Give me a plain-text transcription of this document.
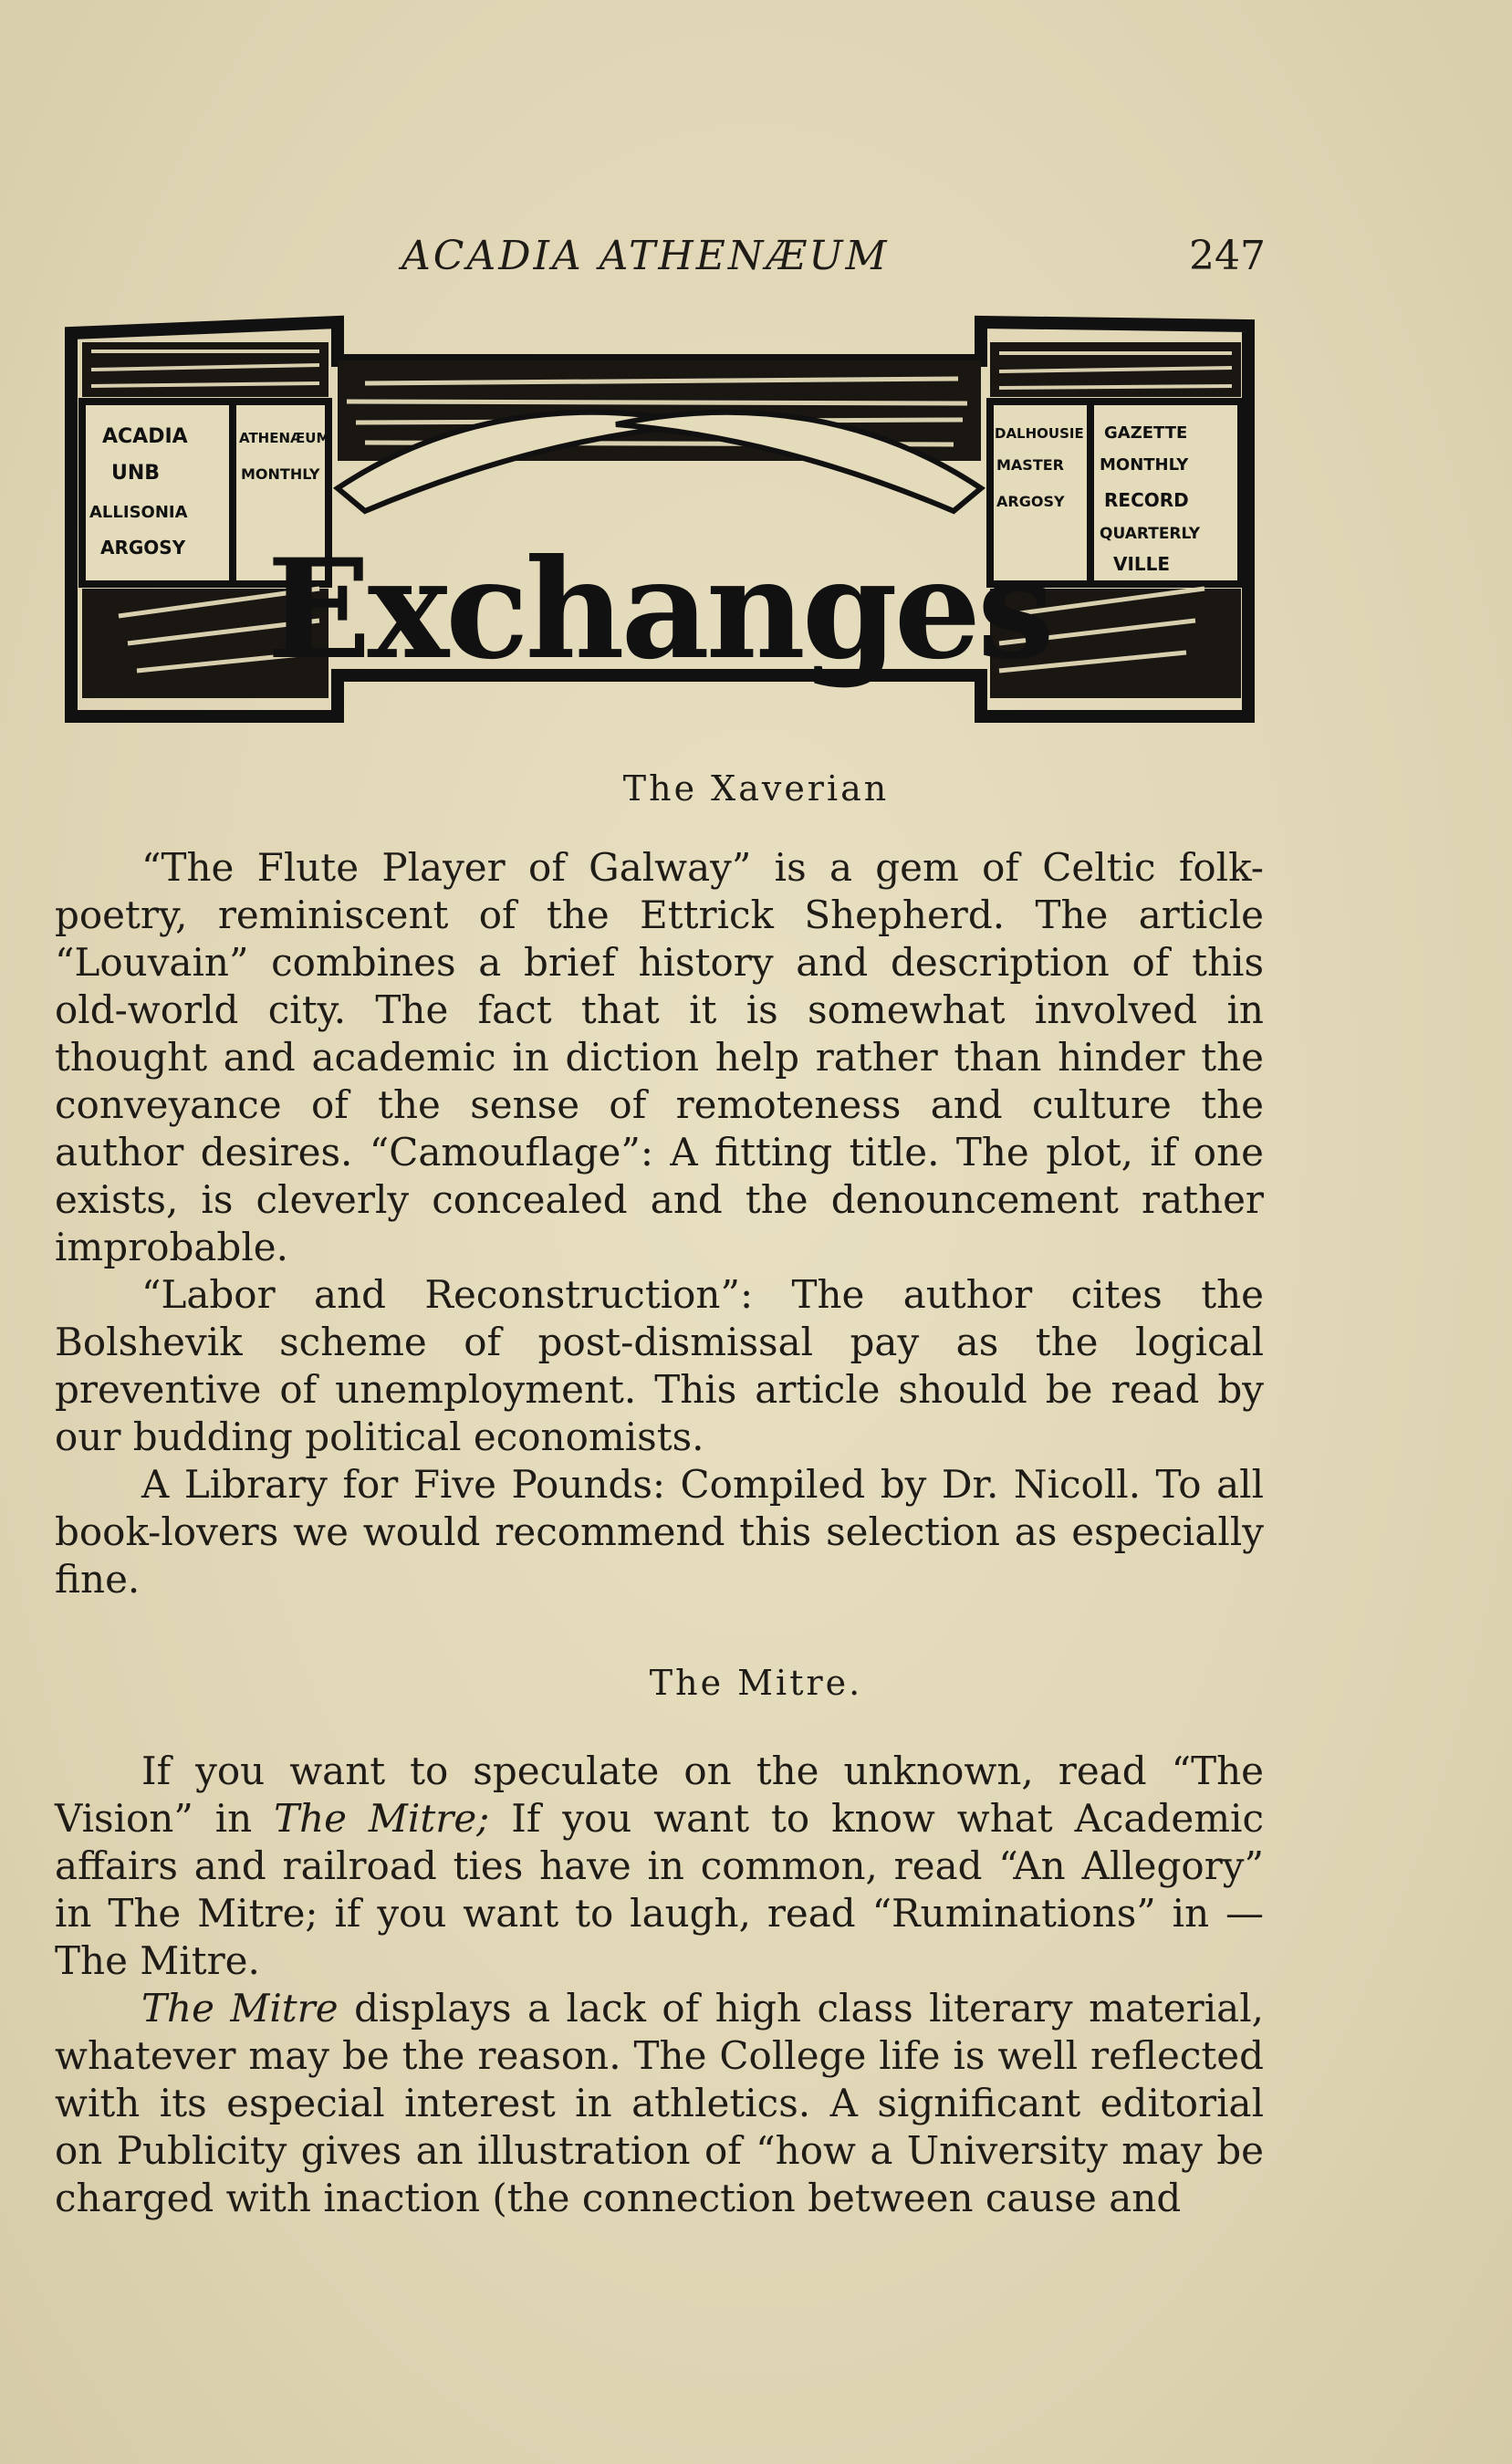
ACADIA ATHENÆUM	247
ACADIA
UNB
ALLISONIA
ARGOSY
ATHENÆUM
MONTHLY
DALHOUSIE
MASTER
GAZETTE
MONTHLY
RECORD
QUARTERLY
ARGOSY
VILLE
Exchanges
The Xaverian

“The Flute Player of Galway” is a gem of Celtic folk-poetry, reminiscent of the Ettrick Shepherd. The article “Louvain” combines a brief history and description of this old-world city. The fact that it is somewhat involved in thought and academic in diction help rather than hinder the conveyance of the sense of remoteness and culture the author desires. “Camouflage”: A fitting title. The plot, if one exists, is cleverly concealed and the denouncement rather improbable.

“Labor and Reconstruction”: The author cites the Bolshevik scheme of post-dismissal pay as the logical preventive of unemployment. This article should be read by our budding political economists.

A Library for Five Pounds: Compiled by Dr. Nicoll. To all book-lovers we would recommend this selection as especially fine.

The Mitre.

If you want to speculate on the unknown, read “The Vision” in The Mitre; If you want to know what Academic affairs and railroad ties have in common, read “An Allegory” in The Mitre; if you want to laugh, read “Ruminations” in —The Mitre.

The Mitre displays a lack of high class literary material, whatever may be the reason. The College life is well reflected with its especial interest in athletics. A significant editorial on Publicity gives an illustration of “how a University may be charged with inaction (the connection between cause and
